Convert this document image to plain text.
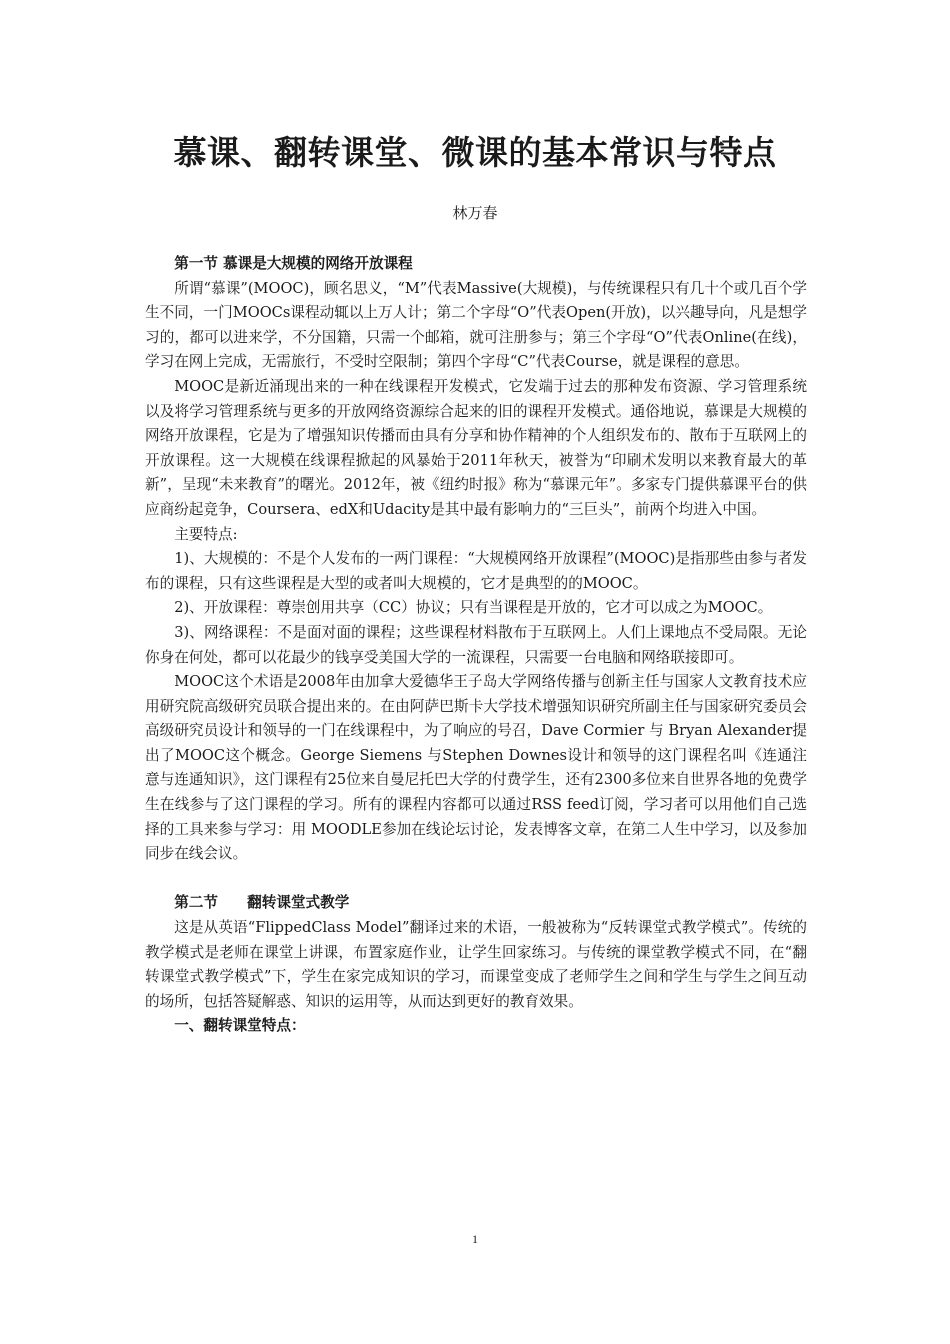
慕课、翻转课堂、微课的基本常识与特点
林万春
第一节 慕课是大规模的网络开放课程

所谓“慕课”(MOOC)，顾名思义，“M”代表Massive(大规模)，与传统课程只有几十个或几百个学生不同，一门MOOCs课程动辄以上万人计；第二个字母“O”代表Open(开放)，以兴趣导向，凡是想学习的，都可以进来学，不分国籍，只需一个邮箱，就可注册参与；第三个字母“O”代表Online(在线)，学习在网上完成，无需旅行，不受时空限制；第四个字母“C”代表Course，就是课程的意思。

MOOC是新近涌现出来的一种在线课程开发模式，它发端于过去的那种发布资源、学习管理系统以及将学习管理系统与更多的开放网络资源综合起来的旧的课程开发模式。通俗地说，慕课是大规模的网络开放课程，它是为了增强知识传播而由具有分享和协作精神的个人组织发布的、散布于互联网上的开放课程。这一大规模在线课程掀起的风暴始于2011年秋天，被誉为“印刷术发明以来教育最大的革新”，呈现“未来教育”的曙光。2012年，被《纽约时报》称为“慕课元年”。多家专门提供慕课平台的供应商纷起竞争，Coursera、edX和Udacity是其中最有影响力的“三巨头”，前两个均进入中国。

主要特点:

1)、大规模的：不是个人发布的一两门课程：“大规模网络开放课程”(MOOC)是指那些由参与者发布的课程，只有这些课程是大型的或者叫大规模的，它才是典型的的MOOC。

2)、开放课程：尊崇创用共享（CC）协议；只有当课程是开放的，它才可以成之为MOOC。

3)、网络课程：不是面对面的课程；这些课程材料散布于互联网上。人们上课地点不受局限。无论你身在何处，都可以花最少的钱享受美国大学的一流课程，只需要一台电脑和网络联接即可。

MOOC这个术语是2008年由加拿大爱德华王子岛大学网络传播与创新主任与国家人文教育技术应用研究院高级研究员联合提出来的。在由阿萨巴斯卡大学技术增强知识研究所副主任与国家研究委员会高级研究员设计和领导的一门在线课程中，为了响应的号召，Dave Cormier 与 Bryan Alexander提出了MOOC这个概念。George Siemens 与Stephen Downes设计和领导的这门课程名叫《连通注意与连通知识》，这门课程有25位来自曼尼托巴大学的付费学生，还有2300多位来自世界各地的免费学生在线参与了这门课程的学习。所有的课程内容都可以通过RSS feed订阅，学习者可以用他们自己选择的工具来参与学习：用 MOODLE参加在线论坛讨论，发表博客文章，在第二人生中学习，以及参加同步在线会议。

第二节　　翻转课堂式教学

这是从英语“FlippedClass Model”翻译过来的术语，一般被称为“反转课堂式教学模式”。传统的教学模式是老师在课堂上讲课，布置家庭作业，让学生回家练习。与传统的课堂教学模式不同，在“翻转课堂式教学模式”下，学生在家完成知识的学习，而课堂变成了老师学生之间和学生与学生之间互动的场所，包括答疑解惑、知识的运用等，从而达到更好的教育效果。

一、翻转课堂特点：
1
